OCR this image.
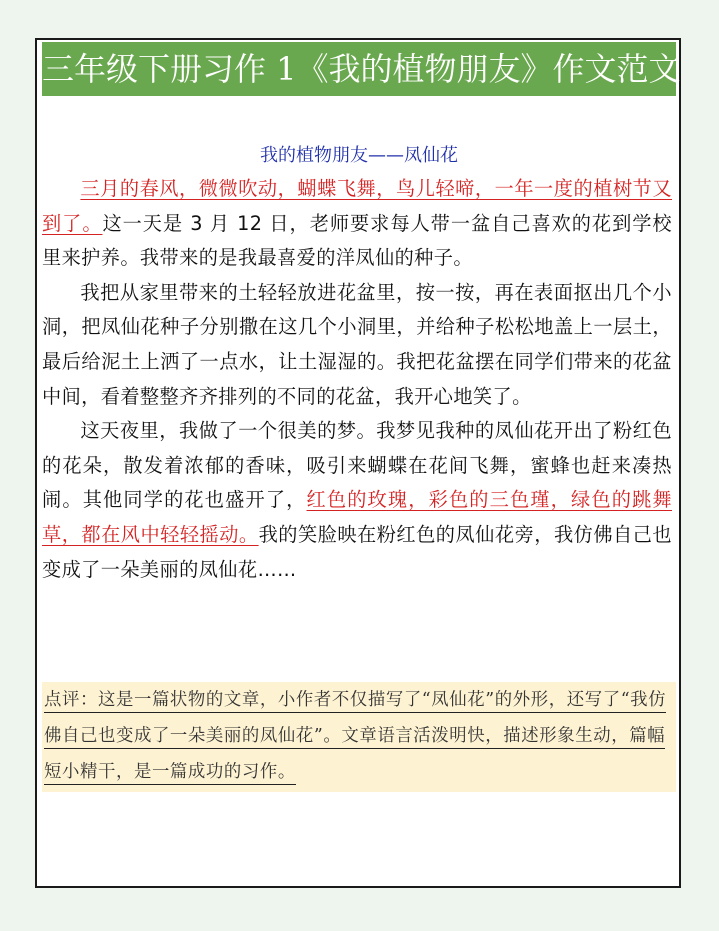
三年级下册习作 1《我的植物朋友》作文范文
我的植物朋友——凤仙花

三月的春风，微微吹动，蝴蝶飞舞，鸟儿轻啼，一年一度的植树节又到了。这一天是 3 月 12 日，老师要求每人带一盆自己喜欢的花到学校里来护养。我带来的是我最喜爱的洋凤仙的种子。

我把从家里带来的土轻轻放进花盆里，按一按，再在表面抠出几个小洞，把凤仙花种子分别撒在这几个小洞里，并给种子松松地盖上一层土，最后给泥土上洒了一点水，让土湿湿的。我把花盆摆在同学们带来的花盆中间，看着整整齐齐排列的不同的花盆，我开心地笑了。

这天夜里，我做了一个很美的梦。我梦见我种的凤仙花开出了粉红色的花朵，散发着浓郁的香味，吸引来蝴蝶在花间飞舞，蜜蜂也赶来凑热闹。其他同学的花也盛开了，红色的玫瑰，彩色的三色瑾，绿色的跳舞草，都在风中轻轻摇动。我的笑脸映在粉红色的凤仙花旁，我仿佛自己也变成了一朵美丽的凤仙花……

点评：这是一篇状物的文章，小作者不仅描写了“凤仙花”的外形，还写了“我仿佛自己也变成了一朵美丽的凤仙花”。文章语言活泼明快，描述形象生动，篇幅短小精干，是一篇成功的习作。
